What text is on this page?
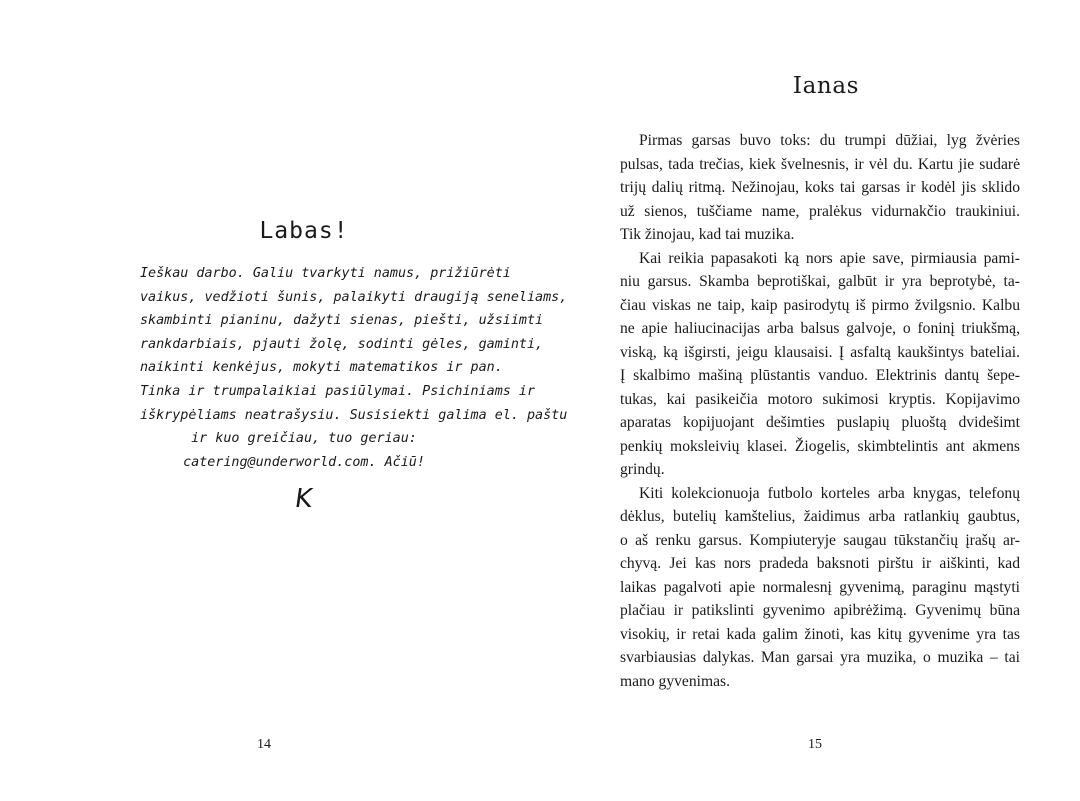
Labas!
Ieškau darbo. Galiu tvarkyti namus, prižiūrėti
vaikus, vedžioti šunis, palaikyti draugiją seneliams,
skambinti pianinu, dažyti sienas, piešti, užsiimti
rankdarbiais, pjauti žolę, sodinti gėles, gaminti,
naikinti kenkėjus, mokyti matematikos ir pan.
Tinka ir trumpalaikiai pasiūlymai. Psichiniams ir
iškrypėliams neatrašysiu. Susisiekti galima el. paštu
ir kuo greičiau, tuo geriau:
catering@underworld.com. Ačiū!
K
14
Ianas
Pirmas garsas buvo toks: du trumpi dūžiai, lyg žvėries
pulsas, tada trečias, kiek švelnesnis, ir vėl du. Kartu jie sudarė
trijų dalių ritmą. Nežinojau, koks tai garsas ir kodėl jis sklido
už sienos, tuščiame name, pralėkus vidurnakčio traukiniui.
Tik žinojau, kad tai muzika.
Kai reikia papasakoti ką nors apie save, pirmiausia pami-
niu garsus. Skamba beprotiškai, galbūt ir yra beprotybė, ta-
čiau viskas ne taip, kaip pasirodytų iš pirmo žvilgsnio. Kalbu
ne apie haliucinacijas arba balsus galvoje, o foninį triukšmą,
viską, ką išgirsti, jeigu klausaisi. Į asfaltą kaukšintys bateliai.
Į skalbimo mašiną plūstantis vanduo. Elektrinis dantų šepe-
tukas, kai pasikeičia motoro sukimosi kryptis. Kopijavimo
aparatas kopijuojant dešimties puslapių pluoštą dvidešimt
penkių moksleivių klasei. Žiogelis, skimbtelintis ant akmens
grindų.
Kiti kolekcionuoja futbolo korteles arba knygas, telefonų
dėklus, butelių kamštelius, žaidimus arba ratlankių gaubtus,
o aš renku garsus. Kompiuteryje saugau tūkstančių įrašų ar-
chyvą. Jei kas nors pradeda baksnoti pirštu ir aiškinti, kad
laikas pagalvoti apie normalesnį gyvenimą, paraginu mąstyti
plačiau ir patikslinti gyvenimo apibrėžimą. Gyvenimų būna
visokių, ir retai kada galim žinoti, kas kitų gyvenime yra tas
svarbiausias dalykas. Man garsai yra muzika, o muzika – tai
mano gyvenimas.
15
